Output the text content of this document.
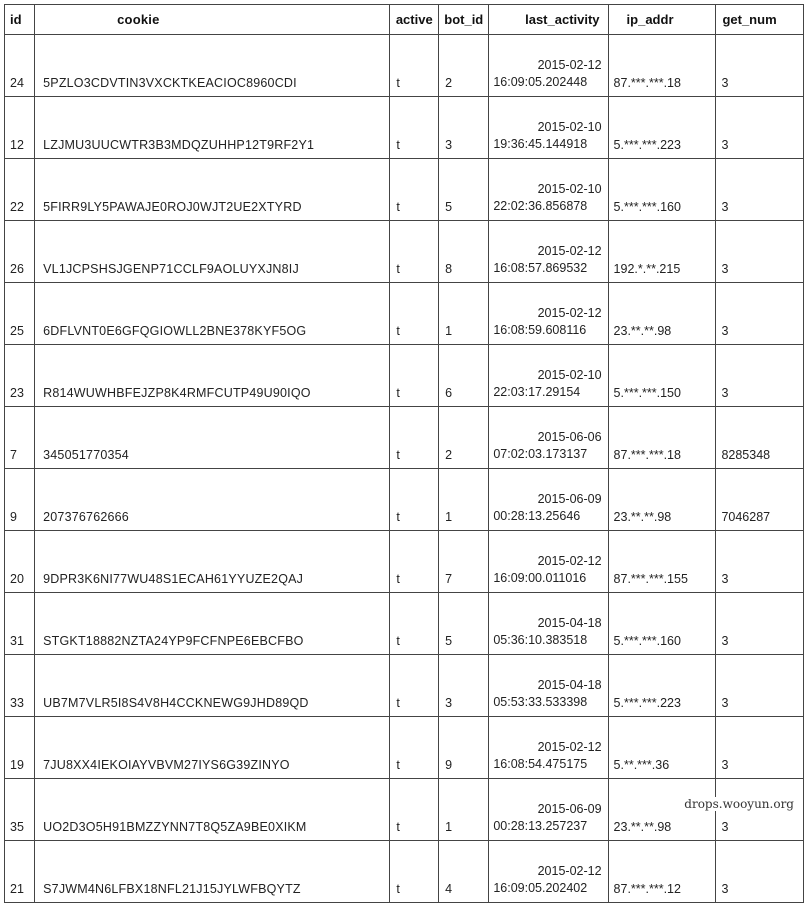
id	cookie	active	bot_id	last_activity	ip_addr	get_num
24	5PZLO3CDVTIN3VXCKTKEACIOC8960CDI	t	2	2015-02-12
16:09:05.202448	87.***.***.18	3
12	LZJMU3UUCWTR3B3MDQZUHHP12T9RF2Y1	t	3	2015-02-10
19:36:45.144918	5.***.***.223	3
22	5FIRR9LY5PAWAJE0ROJ0WJT2UE2XTYRD	t	5	2015-02-10
22:02:36.856878	5.***.***.160	3
26	VL1JCPSHSJGENP71CCLF9AOLUYXJN8IJ	t	8	2015-02-12
16:08:57.869532	192.*.**.215	3
25	6DFLVNT0E6GFQGIOWLL2BNE378KYF5OG	t	1	2015-02-12
16:08:59.608116	23.**.**.98	3
23	R814WUWHBFEJZP8K4RMFCUTP49U90IQO	t	6	2015-02-10
22:03:17.29154	5.***.***.150	3
7	345051770354	t	2	2015-06-06
07:02:03.173137	87.***.***.18	8285348
9	207376762666	t	1	2015-06-09
00:28:13.25646	23.**.**.98	7046287
20	9DPR3K6NI77WU48S1ECAH61YYUZE2QAJ	t	7	2015-02-12
16:09:00.011016	87.***.***.155	3
31	STGKT18882NZTA24YP9FCFNPE6EBCFBO	t	5	2015-04-18
05:36:10.383518	5.***.***.160	3
33	UB7M7VLR5I8S4V8H4CCKNEWG9JHD89QD	t	3	2015-04-18
05:53:33.533398	5.***.***.223	3
19	7JU8XX4IEKOIAYVBVM27IYS6G39ZINYO	t	9	2015-02-12
16:08:54.475175	5.**.***.36	3
35	UO2D3O5H91BMZZYNN7T8Q5ZA9BE0XIKM	t	1	2015-06-09
00:28:13.257237	23.**.**.98	3
21	S7JWM4N6LFBX18NFL21J15JYLWFBQYTZ	t	4	2015-02-12
16:09:05.202402	87.***.***.12	3
drops.wooyun.org
